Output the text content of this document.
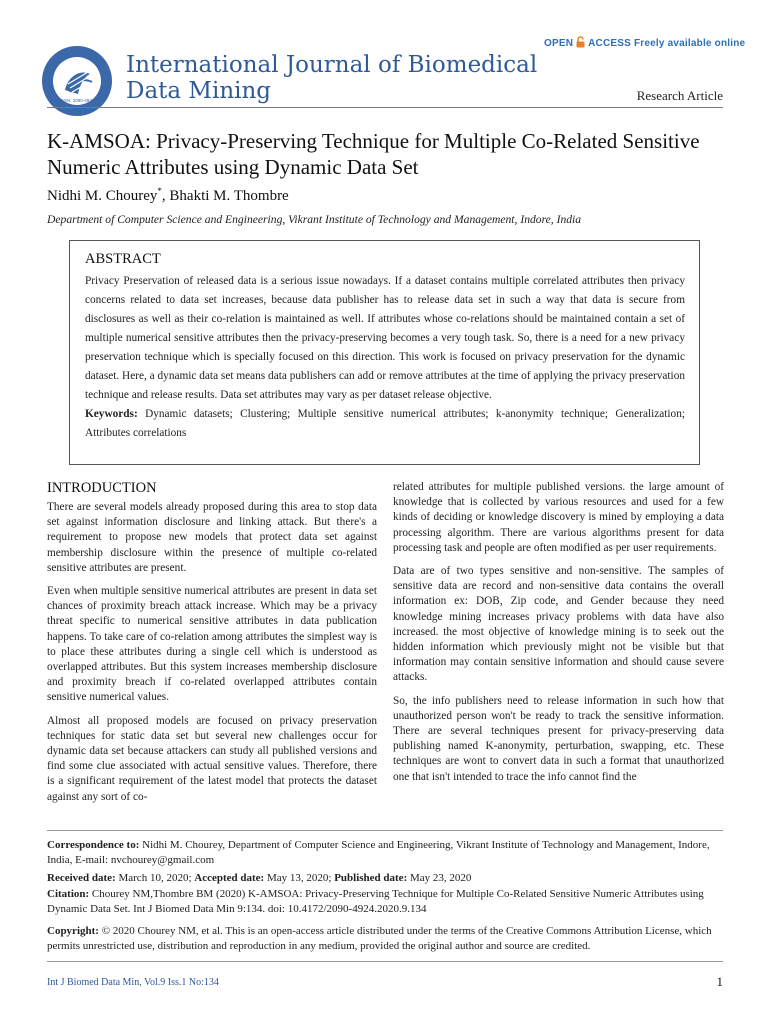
ISSN: 2090-4924
International Journal of Biomedical
Data Mining
OPEN ACCESS Freely available online
Research Article
K-AMSOA: Privacy-Preserving Technique for Multiple Co-Related Sensitive Numeric Attributes using Dynamic Data Set
Nidhi M. Chourey*, Bhakti M. Thombre
Department of Computer Science and Engineering, Vikrant Institute of Technology and Management, Indore, India
ABSTRACT
Privacy Preservation of released data is a serious issue nowadays. If a dataset contains multiple correlated attributes then privacy concerns related to data set increases, because data publisher has to release data set in such a way that data is secure from disclosures as well as their co-relation is maintained as well. If attributes whose co-relations should be maintained contain a set of multiple numerical sensitive attributes then the privacy-preserving becomes a very tough task. So, there is a need for a new privacy preservation technique which is specially focused on this direction. This work is focused on privacy preservation for the dynamic dataset. Here, a dynamic data set means data publishers can add or remove attributes at the time of applying the privacy preservation technique and release results. Data set attributes may vary as per dataset release objective.
Keywords: Dynamic datasets; Clustering; Multiple sensitive numerical attributes; k-anonymity technique; Generalization; Attributes correlations
INTRODUCTION

There are several models already proposed during this area to stop data set against information disclosure and linking attack. But there's a requirement to propose new models that protect data set against membership disclosure within the presence of multiple co-related sensitive attributes are present.

Even when multiple sensitive numerical attributes are present in data set chances of proximity breach attack increase. Which may be a privacy threat specific to numerical sensitive attributes in data publication happens. To take care of co-relation among attributes the simplest way is to place these attributes during a single cell which is understood as overlapped attributes. But this system increases membership disclosure and proximity breach if co-related overlapped attributes contain sensitive numerical values.

Almost all proposed models are focused on privacy preservation techniques for static data set but several new challenges occur for dynamic data set because attackers can study all published versions and find some clue associated with actual sensitive values. Therefore, there is a significant requirement of the latest model that protects the dataset against any sort of co-

related attributes for multiple published versions. the large amount of knowledge that is collected by various resources and used for a few kinds of deciding or knowledge discovery is mined by employing a data processing algorithm. There are various algorithms present for data processing task and people are often modified as per user requirements.

Data are of two types sensitive and non-sensitive. The samples of sensitive data are record and non-sensitive data contains the overall information ex: DOB, Zip code, and Gender because they need knowledge mining increases privacy problems with data have also increased. the most objective of knowledge mining is to seek out the hidden information which previously might not be visible but that information may contain sensitive information and should cause severe attacks.

So, the info publishers need to release information in such how that unauthorized person won't be ready to track the sensitive information. There are several techniques present for privacy-preserving data publishing named K-anonymity, perturbation, swapping, etc. These techniques are wont to convert data in such a format that unauthorized one that isn't intended to trace the info cannot find the

Correspondence to: Nidhi M. Chourey, Department of Computer Science and Engineering, Vikrant Institute of Technology and Management, Indore, India, E-mail: nvchourey@gmail.com
Received date: March 10, 2020; Accepted date: May 13, 2020; Published date: May 23, 2020
Citation: Chourey NM,Thombre BM (2020) K-AMSOA: Privacy-Preserving Technique for Multiple Co-Related Sensitive Numeric Attributes using Dynamic Data Set. Int J Biomed Data Min 9:134. doi: 10.4172/2090-4924.2020.9.134
Copyright: © 2020 Chourey NM, et al. This is an open-access article distributed under the terms of the Creative Commons Attribution License, which permits unrestricted use, distribution and reproduction in any medium, provided the original author and source are credited.
Int J Biomed Data Min, Vol.9 Iss.1 No:134	1
